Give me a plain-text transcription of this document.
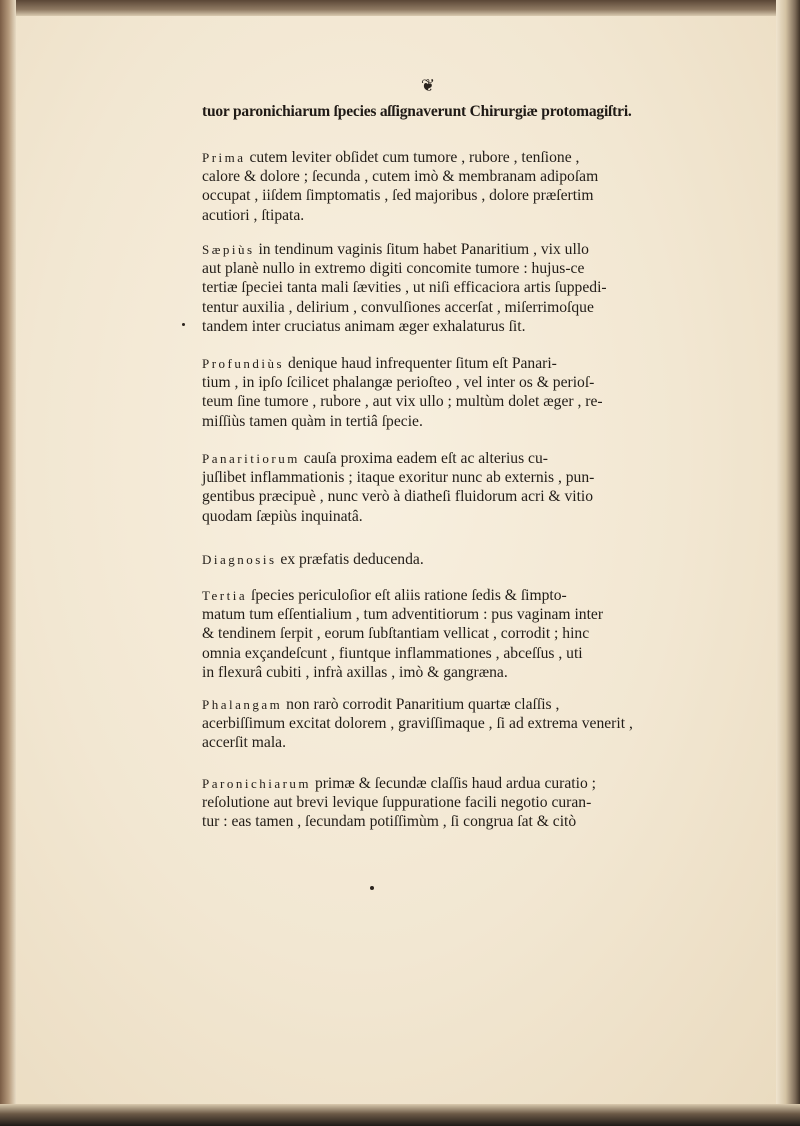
❦
tuor paronichiarum ſpecies aſſignaverunt Chirurgiæ protomagiſtri.

Prima cutem leviter obſidet cum tumore , rubore , tenſione ,
calore & dolore ; ſecunda , cutem imò & membranam adipoſam
occupat , iiſdem ſimptomatis , ſed majoribus , dolore præſertim
acutiori , ſtipata.

Sæpiùs in tendinum vaginis ſitum habet Panaritium , vix ullo
aut planè nullo in extremo digiti concomite tumore : hujus-ce
tertiæ ſpeciei tanta mali ſævities , ut niſi efficaciora artis ſuppedi-
tentur auxilia , delirium , convulſiones accerſat , miſerrimoſque
tandem inter cruciatus animam æger exhalaturus ſit.

Profundiùs denique haud infrequenter ſitum eſt Panari-
tium , in ipſo ſcilicet phalangæ perioſteo , vel inter os & perioſ-
teum ſine tumore , rubore , aut vix ullo ; multùm dolet æger , re-
miſſiùs tamen quàm in tertiâ ſpecie.

Panaritiorum cauſa proxima eadem eſt ac alterius cu-
juſlibet inflammationis ; itaque exoritur nunc ab externis , pun-
gentibus præcipuè , nunc verò à diatheſi fluidorum acri & vitio
quodam ſæpiùs inquinatâ.

Diagnosis ex præfatis deducenda.

Tertia ſpecies periculoſior eſt aliis ratione ſedis & ſimpto-
matum tum eſſentialium , tum adventitiorum : pus vaginam inter
& tendinem ſerpit , eorum ſubſtantiam vellicat , corrodit ; hinc
omnia exçandeſcunt , fiuntque inflammationes , abceſſus , uti
in flexurâ cubiti , infrà axillas , imò & gangræna.

Phalangam non rarò corrodit Panaritium quartæ claſſis ,
acerbiſſimum excitat dolorem , graviſſimaque , ſi ad extrema venerit ,
accerſit mala.

Paronichiarum primæ & ſecundæ claſſis haud ardua curatio ;
reſolutione aut brevi levique ſuppuratione facili negotio curan-
tur : eas tamen , ſecundam potiſſimùm , ſi congrua ſat & citò
